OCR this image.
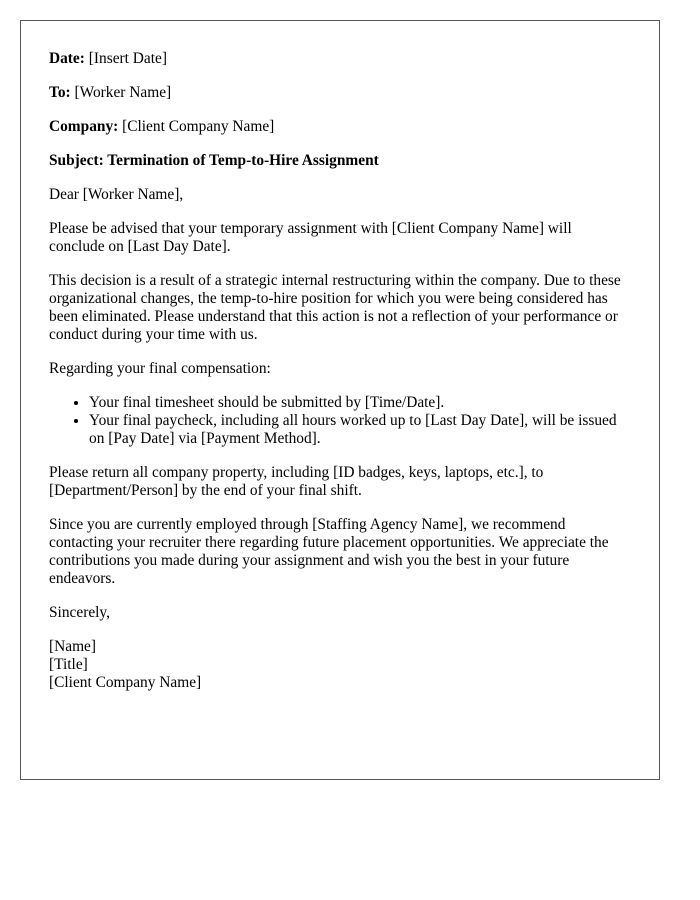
Date: [Insert Date]

To: [Worker Name]

Company: [Client Company Name]

Subject: Termination of Temp-to-Hire Assignment

Dear [Worker Name],

Please be advised that your temporary assignment with [Client Company Name] will conclude on [Last Day Date].

This decision is a result of a strategic internal restructuring within the company. Due to these organizational changes, the temp-to-hire position for which you were being considered has been eliminated. Please understand that this action is not a reflection of your performance or conduct during your time with us.

Regarding your final compensation:

• Your final timesheet should be submitted by [Time/Date].
• Your final paycheck, including all hours worked up to [Last Day Date], will be issued on [Pay Date] via [Payment Method].

Please return all company property, including [ID badges, keys, laptops, etc.], to [Department/Person] by the end of your final shift.

Since you are currently employed through [Staffing Agency Name], we recommend contacting your recruiter there regarding future placement opportunities. We appreciate the contributions you made during your assignment and wish you the best in your future endeavors.

Sincerely,

[Name]

[Title]

[Client Company Name]
